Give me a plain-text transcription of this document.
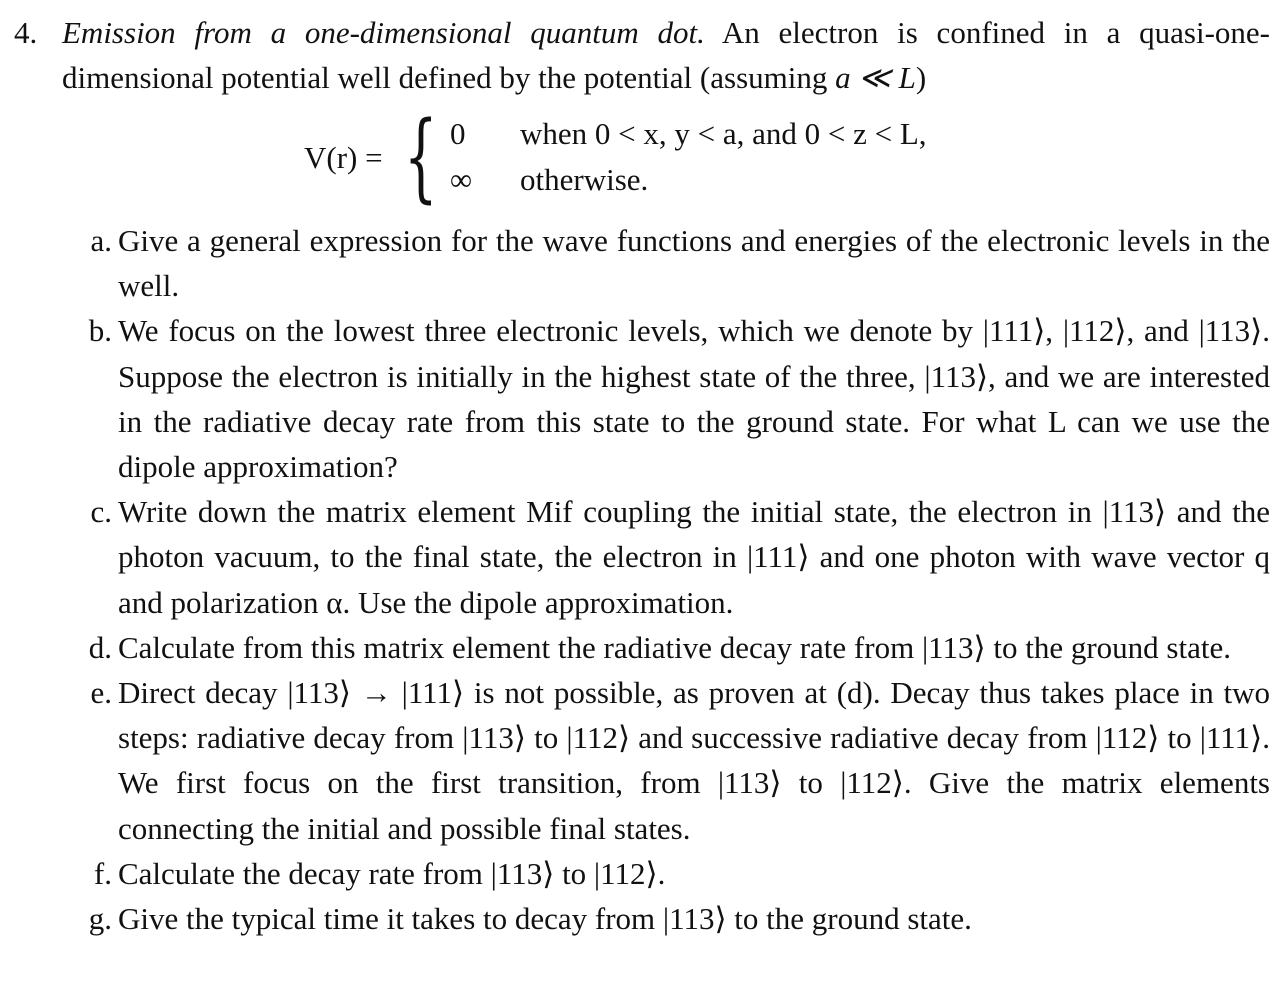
4. Emission from a one-dimensional quantum dot. An electron is confined in a quasi-one-dimensional potential well defined by the potential (assuming a ≪ L)
V(r) = { 0 when 0 < x, y < a, and 0 < z < L,
∞ otherwise.
a. Give a general expression for the wave functions and energies of the electronic levels in the well.
b. We focus on the lowest three electronic levels, which we denote by |111⟩, |112⟩, and |113⟩. Suppose the electron is initially in the highest state of the three, |113⟩, and we are interested in the radiative decay rate from this state to the ground state. For what L can we use the dipole approximation?
c. Write down the matrix element Mif coupling the initial state, the electron in |113⟩ and the photon vacuum, to the final state, the electron in |111⟩ and one photon with wave vector q and polarization α. Use the dipole approximation.
d. Calculate from this matrix element the radiative decay rate from |113⟩ to the ground state.
e. Direct decay |113⟩ → |111⟩ is not possible, as proven at (d). Decay thus takes place in two steps: radiative decay from |113⟩ to |112⟩ and successive radiative decay from |112⟩ to |111⟩. We first focus on the first transition, from |113⟩ to |112⟩. Give the matrix elements connecting the initial and possible final states.
f. Calculate the decay rate from |113⟩ to |112⟩.
g. Give the typical time it takes to decay from |113⟩ to the ground state.
